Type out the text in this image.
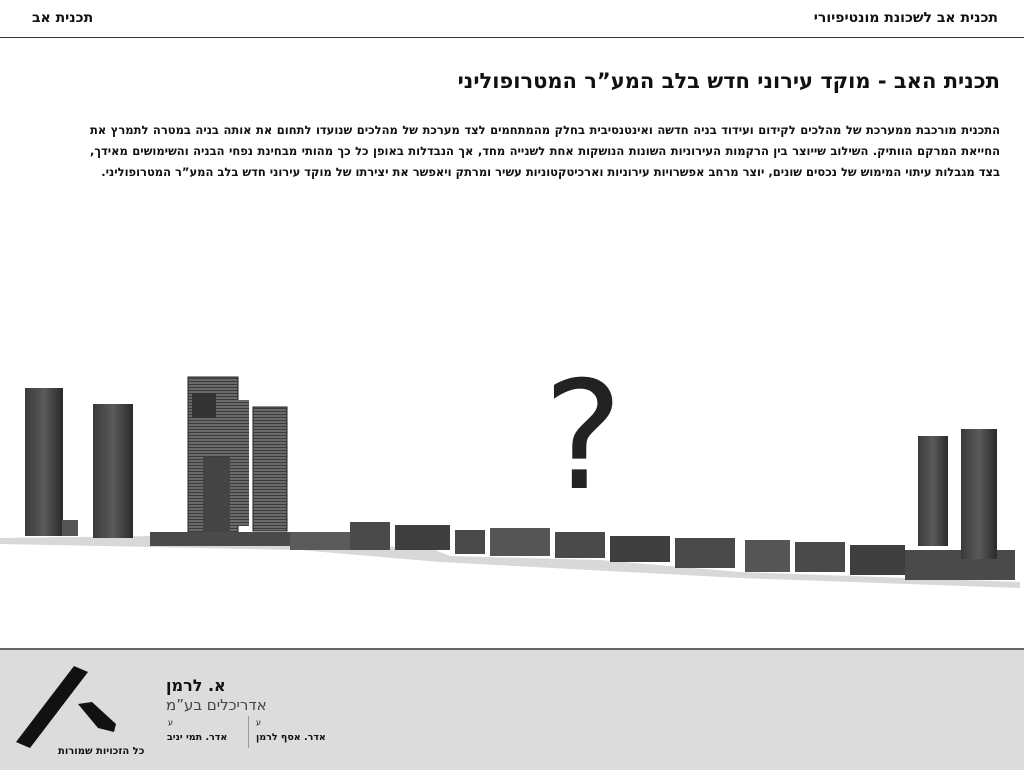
תכנית אב לשכונת מונטיפיורי
תכנית אב
תכנית האב - מוקד עירוני חדש בלב המע”ר המטרופוליני
התכנית מורכבת ממערכת של מהלכים לקידום ועידוד בניה חדשה ואינטנסיבית בחלק מהמתחמים לצד מערכת של מהלכים שנועדו לתחום את אותה בניה במטרה לתמרץ את החייאת המרקם הוותיק. השילוב שייוצר בין הרקמות העירוניות השונות הנושקות אחת לשנייה מחד, אך הנבדלות באופן כל כך מהותי מבחינת נפחי הבניה והשימושים מאידך, בצד מגבלות עיתוי המימוש של נכסים שונים, יוצר מרחב אפשרויות עירוניות וארכיטקטוניות עשיר ומרתק ויאפשר את יצירתו של מוקד עירוני חדש בלב המע”ר המטרופוליני.
?
א. לרמן
אדריכלים בע”מ
ע
ע
אדר. אסף לרמן
אדר. תמי יניב
כל הזכויות שמורות
